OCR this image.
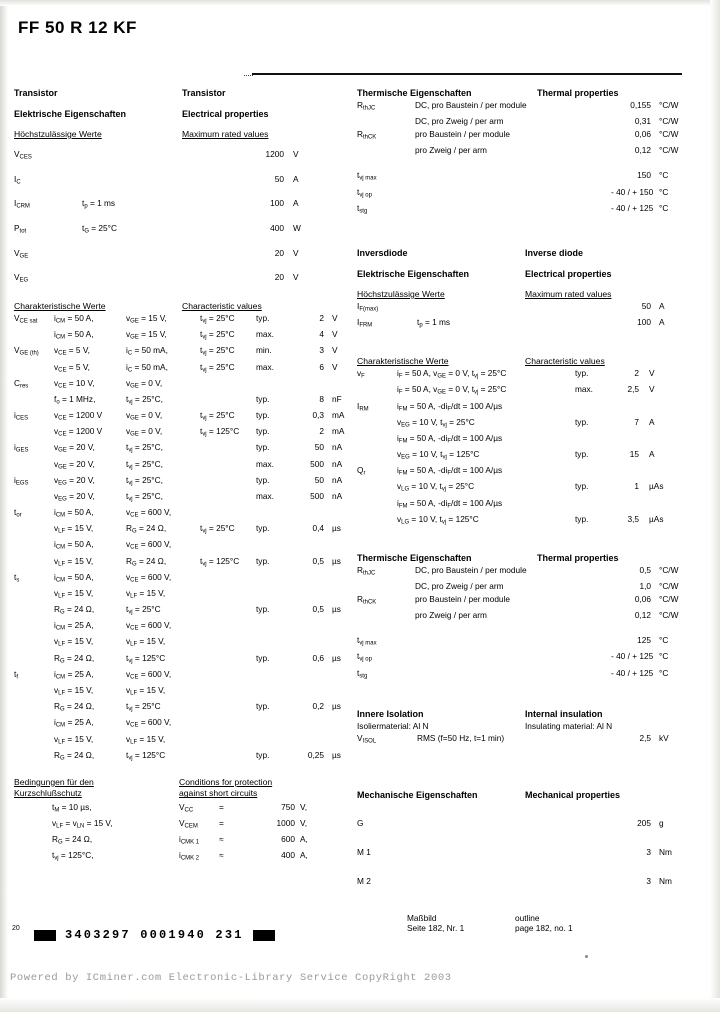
FF 50 R 12 KF
Transistor	Transistor
Elektrische Eigenschaften	Electrical properties
Höchstzulässige Werte	Maximum rated values
$V_{CES}$	1200	V
$I_C$	50	A
$I_{CRM}$	$t_p = 1$ ms	100	A
$P_{tot}$	$t_G = 25^\circ C$	400	W
$V_{GE}$	20	V
$V_{EG}$	20	V
Charakteristische Werte	Characteristic values
$V_{CE sat}$	$i_{CM} = 50$ A,	$v_{GE} = 15$ V,	$t_{vj} = 25^\circ C$	typ.	2 V
$i_{CM} = 50$ A,	$v_{GE} = 15$ V,	$t_{vj} = 25^\circ C$	max.	4 V
$V_{GE (th)}$	$v_{CE} = 5$ V,	$i_C = 50$ mA,	$t_{vj} = 25^\circ C$	min.	3 V
$v_{CE} = 5$ V,	$i_C = 50$ mA,	$t_{vj} = 25^\circ C$	max.	6 V
$C_{res}$	$v_{CE} = 10$ V,	$v_{GE} = 0$ V,
$f_o = 1$ MHz,	$t_{vj} = 25^\circ C$,	typ.	8 nF
$i_{CES}$	$v_{CE} = 1200$ V	$v_{GE} = 0$ V,	$t_{vj} = 25^\circ C$	typ.	0,3 mA
$v_{CE} = 1200$ V	$v_{GE} = 0$ V,	$t_{vj} = 125^\circ C$	typ.	2 mA
$i_{GES}$	$v_{GE} = 20$ V,	$t_{vj} = 25^\circ C$,	typ.	50 nA
$v_{GE} = 20$ V,	$t_{vj} = 25^\circ C$,	max.	500 nA
$i_{EGS}$	$v_{EG} = 20$ V,	$t_{vj} = 25^\circ C$,	typ.	50 nA
$v_{EG} = 20$ V,	$t_{vj} = 25^\circ C$,	max.	500 nA
$t_{or}$	$i_{CM} = 50$ A,	$v_{CE} = 600$ V,
$v_{LF} = 15$ V,	$R_G = 24$ Ω,	$t_{vj} = 25^\circ C$	typ.	0,4 µs
$i_{CM} = 50$ A,	$v_{CE} = 600$ V,
$v_{LF} = 15$ V,	$R_G = 24$ Ω,	$t_{vj} = 125^\circ C$	typ.	0,5 µs
$t_s$	$i_{CM} = 50$ A,	$v_{CE} = 600$ V,
$v_{LF} = 15$ V,	$v_{LF} = 15$ V,
$R_G = 24$ Ω,	$t_{vj} = 25^\circ C$	typ.	0,5 µs
$i_{CM} = 25$ A,	$v_{CE} = 600$ V,
$v_{LF} = 15$ V,	$v_{LF} = 15$ V,
$R_G = 24$ Ω,	$t_{vj} = 125^\circ C$	typ.	0,6 µs
$t_f$	$i_{CM} = 25$ A,	$v_{CE} = 600$ V,
$v_{LF} = 15$ V,	$v_{LF} = 15$ V,
$R_G = 24$ Ω,	$t_{vj} = 25^\circ C$	typ.	0,2 µs
$i_{CM} = 25$ A,	$v_{CE} = 600$ V,
$v_{LF} = 15$ V,	$v_{LF} = 15$ V,
$R_G = 24$ Ω,	$t_{vj} = 125^\circ C$	typ.	0,25 µs
Bedingungen für den
Kurzschlußschutz
$t_M = 10$ µs,
$v_{LF} = v_{LN} = 15$ V,
$R_G = 24$ Ω,
$t_{vj} = 125^\circ C$,
Conditions for protection
against short circuits
$V_{CC}$	=	750 V,
$V_{CEM}$	=	1000 V,
$i_{CMK 1}$	≈	600 A,
$i_{CMK 2}$	≈	400 A,
Thermische Eigenschaften	Thermal properties
$R_{thJC}$	DC, pro Baustein / per module	0,155 °C/W
DC, pro Zweig / per arm	0,31 °C/W
$R_{thCK}$	pro Baustein / per module	0,06 °C/W
pro Zweig / per arm	0,12 °C/W
$t_{vj max}$	150 °C
$t_{vj op}$	- 40 / + 150 °C
$t_{stg}$	- 40 / + 125 °C
Inversdiode	Inverse diode
Elektrische Eigenschaften	Electrical properties
Höchstzulässige Werte	Maximum rated values
$I_{F(max)}$	50 A
$I_{FRM}$	$t_p = 1$ ms	100 A
Charakteristische Werte	Characteristic values
$v_F$	$i_F = 50$ A, $v_{GE} = 0$ V, $t_{vj} = 25^\circ C$	typ.	2	V
$i_F = 50$ A, $v_{GE} = 0$ V, $t_{vj} = 25^\circ C$	max.	2,5	V
$I_{RM}$	$i_{FM} = 50$ A, $-di_F/dt = 100$ A/µs
$v_{EG} = 10$ V, $t_{vj} = 25^\circ C$	typ.	7	A
$i_{FM} = 50$ A, $-di_F/dt = 100$ A/µs
$v_{EG} = 10$ V, $t_{vj} = 125^\circ C$	typ.	15	A
$Q_r$	$i_{FM} = 50$ A, $-di_F/dt = 100$ A/µs
$v_{LG} = 10$ V, $t_{vj} = 25^\circ C$	typ.	1	µAs
$i_{FM} = 50$ A, $-di_F/dt = 100$ A/µs
$v_{LG} = 10$ V, $t_{vj} = 125^\circ C$	typ.	3,5	µAs
Thermische Eigenschaften	Thermal properties
$R_{thJC}$	DC, pro Baustein / per module	0,5 °C/W
DC, pro Zweig / per arm	1,0 °C/W
$R_{thCK}$	pro Baustein / per module	0,06 °C/W
pro Zweig / per arm	0,12 °C/W
$t_{vj max}$	125 °C
$t_{vj op}$	- 40 / + 125 °C
$t_{stg}$	- 40 / + 125 °C
Innere Isolation	Internal insulation
Isoliermaterial: Al N	Insulating material: Al N
$V_{ISOL}$	RMS (f=50 Hz, t=1 min)	2,5 kV
Mechanische Eigenschaften	Mechanical properties
G	205 g
M 1	3 Nm
M 2	3 Nm
Maßbild
Seite 182, Nr. 1
outline
page 182, no. 1
20	3403297 0001940 231
Powered by ICminer.com Electronic-Library Service CopyRight 2003
